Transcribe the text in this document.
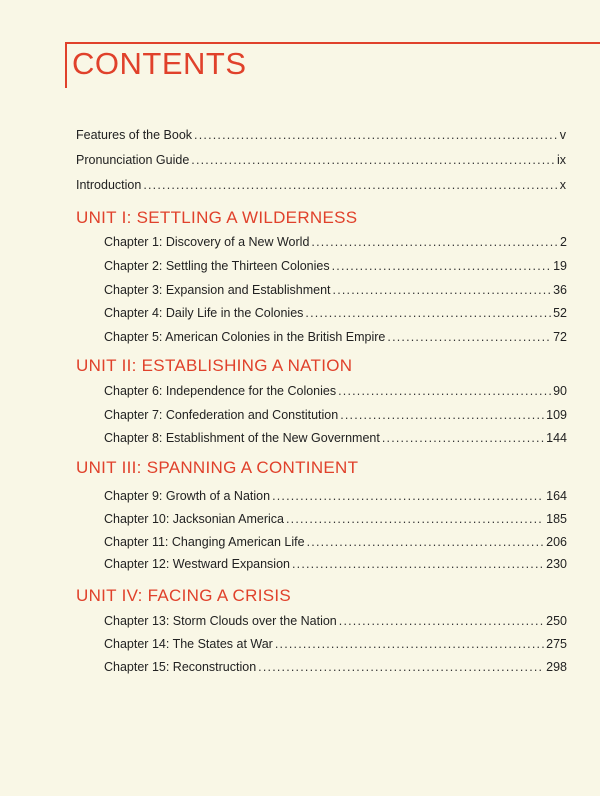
CONTENTS
Features of the Book .....	v
Pronunciation Guide .....	ix
Introduction .....	x
UNIT I: SETTLING A WILDERNESS
Chapter 1: Discovery of a New World .....	2
Chapter 2: Settling the Thirteen Colonies .....	19
Chapter 3: Expansion and Establishment .....	36
Chapter 4: Daily Life in the Colonies .....	52
Chapter 5: American Colonies in the British Empire .....	72
UNIT II: ESTABLISHING A NATION
Chapter 6: Independence for the Colonies .....	90
Chapter 7: Confederation and Constitution .....	109
Chapter 8: Establishment of the New Government .....	144
UNIT III: SPANNING A CONTINENT
Chapter 9: Growth of a Nation .....	164
Chapter 10: Jacksonian America .....	185
Chapter 11: Changing American Life .....	206
Chapter 12: Westward Expansion .....	230
UNIT IV: FACING A CRISIS
Chapter 13: Storm Clouds over the Nation .....	250
Chapter 14: The States at War .....	275
Chapter 15: Reconstruction .....	298
